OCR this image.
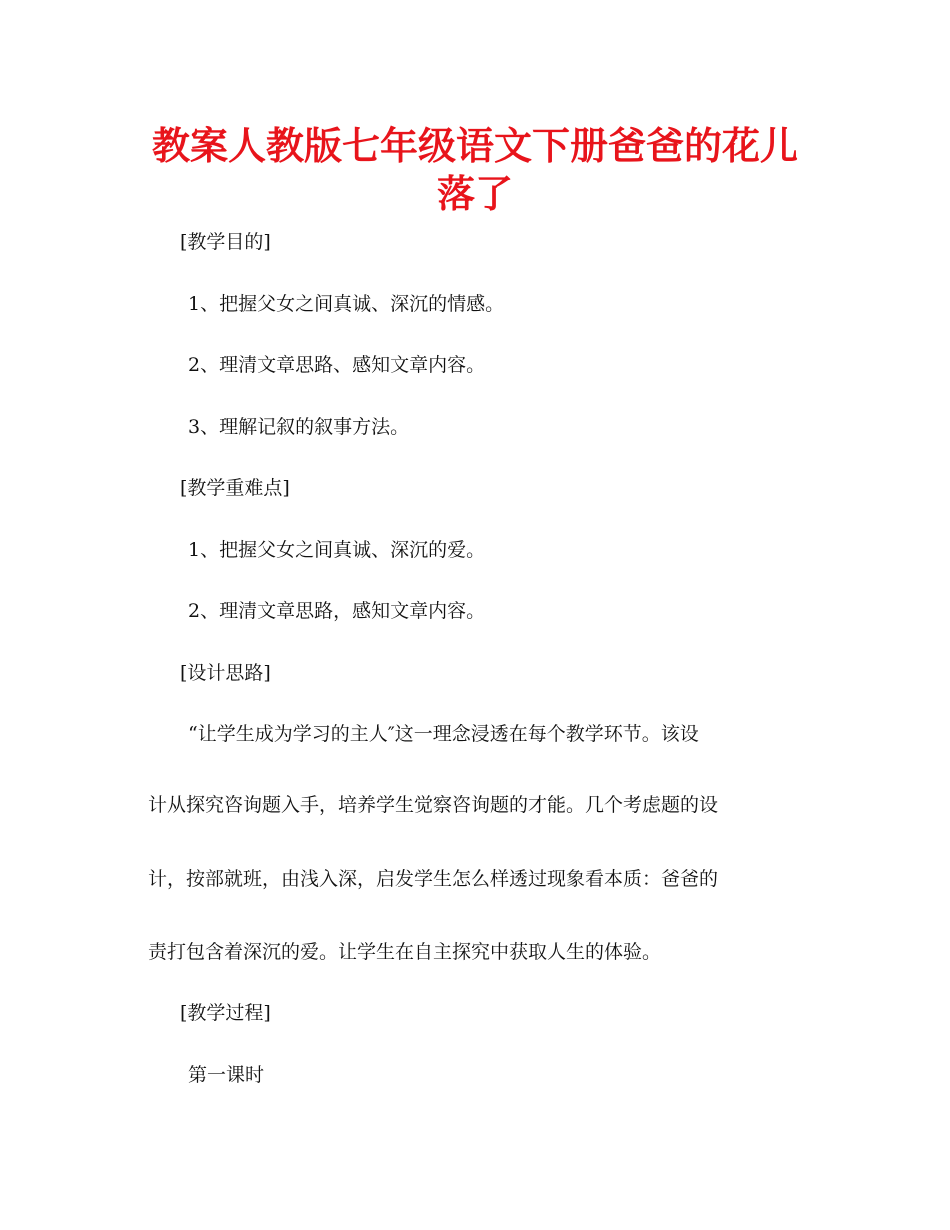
教案人教版七年级语文下册爸爸的花儿落了

[教学目的]

1、把握父女之间真诚、深沉的情感。

2、理清文章思路、感知文章内容。

3、理解记叙的叙事方法。

[教学重难点]

1、把握父女之间真诚、深沉的爱。

2、理清文章思路，感知文章内容。

[设计思路]

“让学生成为学习的主人″这一理念浸透在每个教学环节。该设

计从探究咨询题入手，培养学生觉察咨询题的才能。几个考虑题的设

计，按部就班，由浅入深，启发学生怎么样透过现象看本质：爸爸的

责打包含着深沉的爱。让学生在自主探究中获取人生的体验。

[教学过程]

第一课时
